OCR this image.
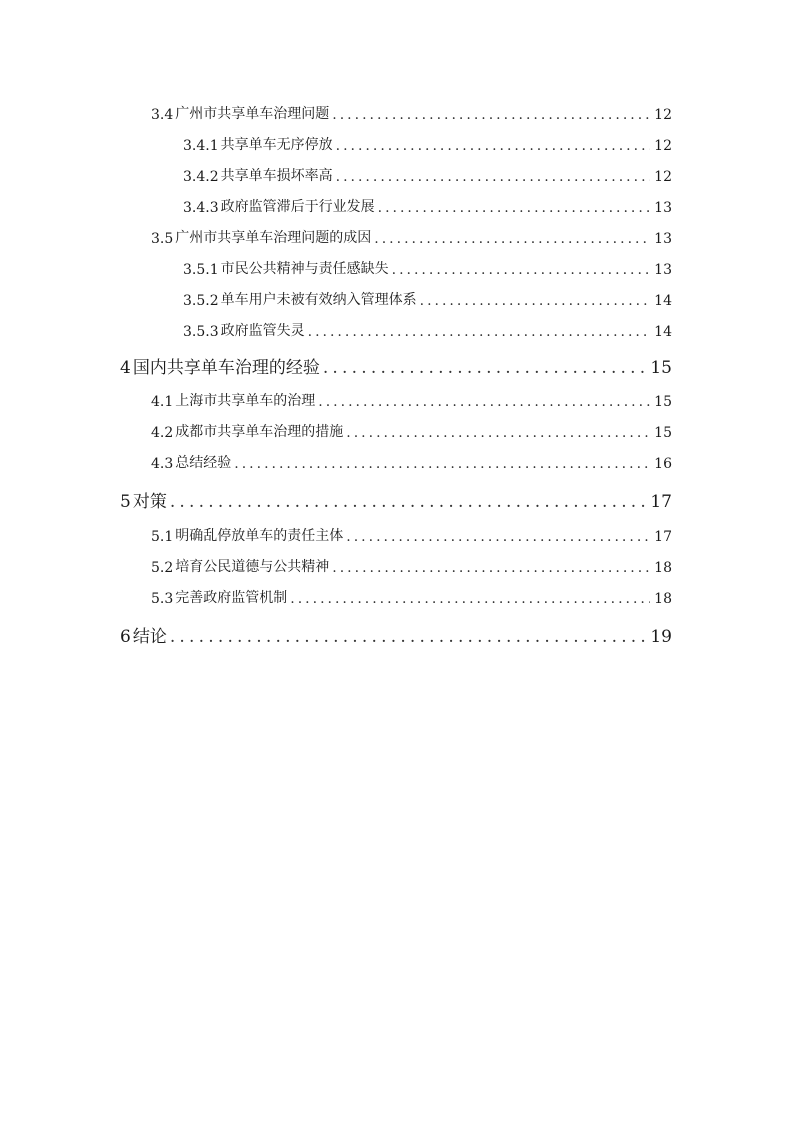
3.4 广州市共享单车治理问题 .....	12
3.4.1 共享单车无序停放 .....	12
3.4.2 共享单车损坏率高 .....	12
3.4.3 政府监管滞后于行业发展 .....	13
3.5 广州市共享单车治理问题的成因 .....	13
3.5.1 市民公共精神与责任感缺失 .....	13
3.5.2 单车用户未被有效纳入管理体系 .....	14
3.5.3 政府监管失灵 .....	14
4 国内共享单车治理的经验 .....	15
4.1 上海市共享单车的治理 .....	15
4.2 成都市共享单车治理的措施 .....	15
4.3 总结经验 .....	16
5 对策 .....	17
5.1 明确乱停放单车的责任主体 .....	17
5.2 培育公民道德与公共精神 .....	18
5.3 完善政府监管机制 .....	18
6 结论 .....	19
